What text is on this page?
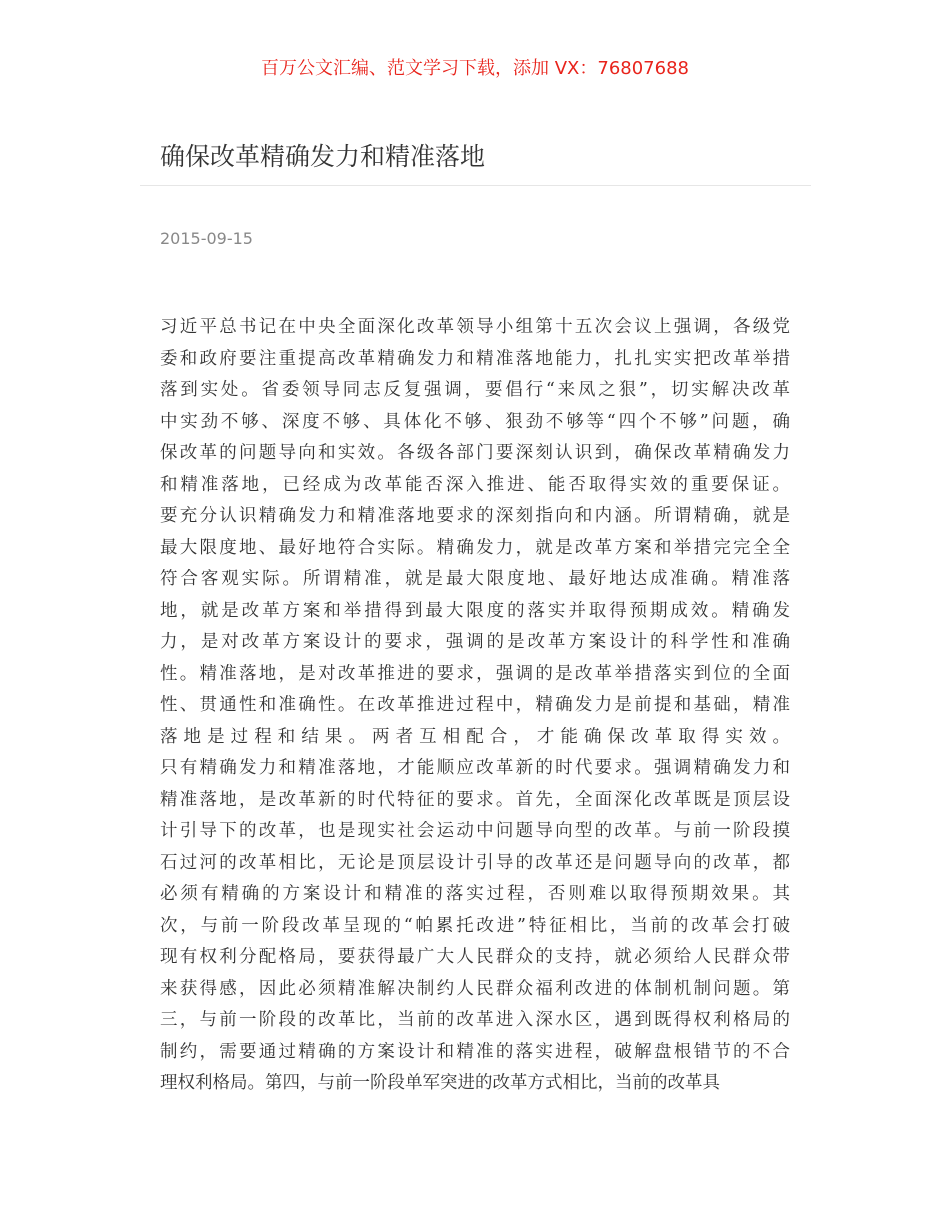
百万公文汇编、范文学习下载，添加 VX：76807688
确保改革精确发力和精准落地
2015-09-15
习近平总书记在中央全面深化改革领导小组第十五次会议上强调，各级党
委和政府要注重提高改革精确发力和精准落地能力，扎扎实实把改革举措
落到实处。省委领导同志反复强调，要倡行“来凤之狠”，切实解决改革
中实劲不够、深度不够、具体化不够、狠劲不够等“四个不够”问题，确
保改革的问题导向和实效。各级各部门要深刻认识到，确保改革精确发力
和精准落地，已经成为改革能否深入推进、能否取得实效的重要保证。
要充分认识精确发力和精准落地要求的深刻指向和内涵。所谓精确，就是
最大限度地、最好地符合实际。精确发力，就是改革方案和举措完完全全
符合客观实际。所谓精准，就是最大限度地、最好地达成准确。精准落
地，就是改革方案和举措得到最大限度的落实并取得预期成效。精确发
力，是对改革方案设计的要求，强调的是改革方案设计的科学性和准确
性。精准落地，是对改革推进的要求，强调的是改革举措落实到位的全面
性、贯通性和准确性。在改革推进过程中，精确发力是前提和基础，精准
落地是过程和结果。两者互相配合，才能确保改革取得实效。
只有精确发力和精准落地，才能顺应改革新的时代要求。强调精确发力和
精准落地，是改革新的时代特征的要求。首先，全面深化改革既是顶层设
计引导下的改革，也是现实社会运动中问题导向型的改革。与前一阶段摸
石过河的改革相比，无论是顶层设计引导的改革还是问题导向的改革，都
必须有精确的方案设计和精准的落实过程，否则难以取得预期效果。其
次，与前一阶段改革呈现的“帕累托改进”特征相比，当前的改革会打破
现有权利分配格局，要获得最广大人民群众的支持，就必须给人民群众带
来获得感，因此必须精准解决制约人民群众福利改进的体制机制问题。第
三，与前一阶段的改革比，当前的改革进入深水区，遇到既得权利格局的
制约，需要通过精确的方案设计和精准的落实进程，破解盘根错节的不合
理权利格局。第四，与前一阶段单军突进的改革方式相比，当前的改革具
